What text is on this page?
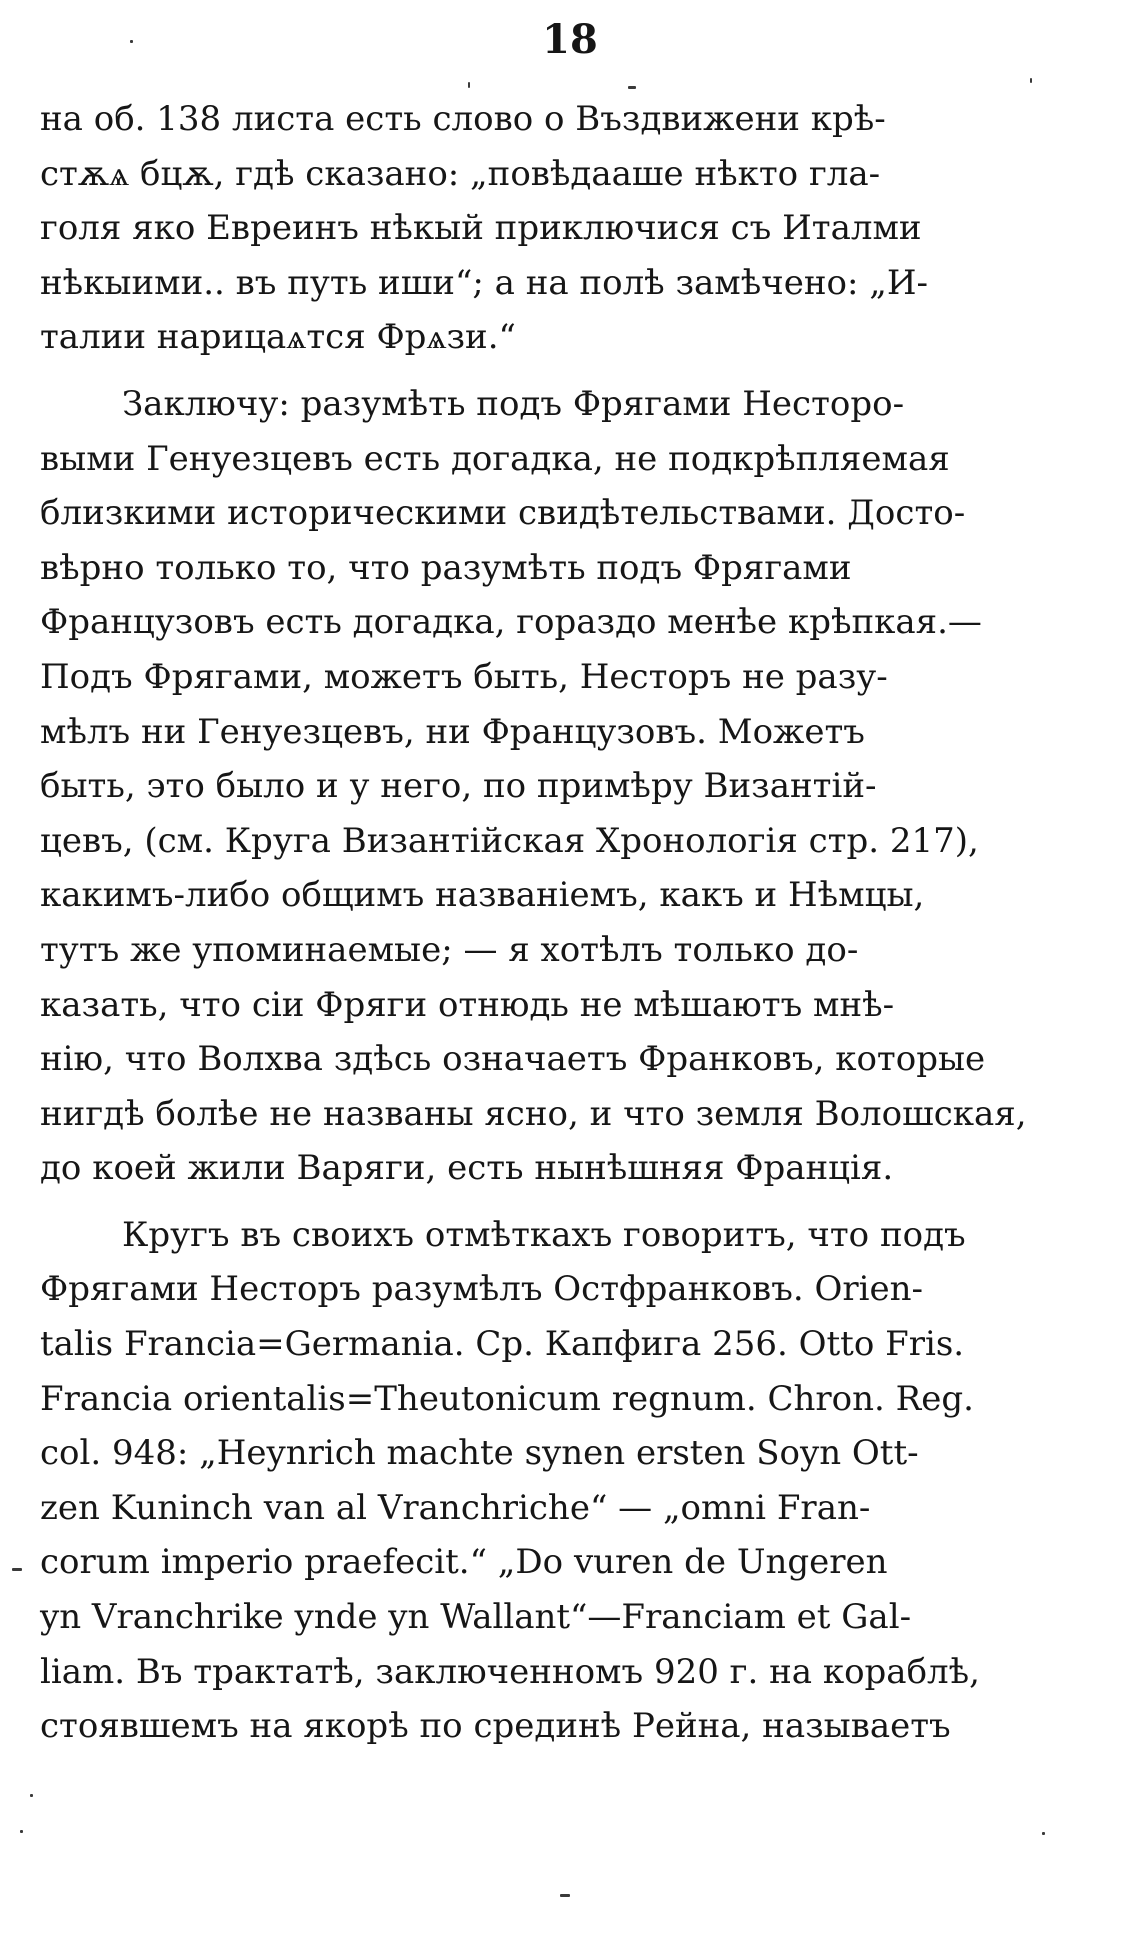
18
на об. 138 листа есть слово о Въздвижени крѣ-
стѫѧ бцѫ, гдѣ сказано: „повѣдааше нѣкто гла-
голя яко Евреинъ нѣкый приключися съ Италми
нѣкыими.. въ путь иши“; а на полѣ замѣчено: „И-
талии нарицаѧтся Фрѧзи.“
Заключу: разумѣть подъ Фрягами Несторо-
выми Генуезцевъ есть догадка, не подкрѣпляемая
близкими историческими свидѣтельствами. Достo-
вѣрно только то, что разумѣть подъ Фрягами
Французовъ есть догадка, гораздо менѣе крѣпкая.—
Подъ Фрягами, можетъ быть, Несторъ не разу-
мѣлъ ни Генуезцевъ, ни Французовъ. Можетъ
быть, это было и у него, по примѣру Византiй-
цевъ, (см. Круга Византiйская Хронологiя стр. 217),
какимъ-либо общимъ названiемъ, какъ и Нѣмцы,
тутъ же упоминаемые; — я хотѣлъ только до-
казать, что сiи Фряги отнюдь не мѣшаютъ мнѣ-
нiю, что Волхва здѣсь означаетъ Франковъ, которые
нигдѣ болѣе не названы ясно, и что земля Волошская,
до коей жили Варяги, есть нынѣшняя Францiя.
Кругъ въ своихъ отмѣткахъ говоритъ, что подъ
Фрягами Несторъ разумѣлъ Остфранковъ. Orien-
talis Francia=Germania. Ср. Капфига 256. Otto Fris.
Francia orientalis=Theutonicum regnum. Chron. Reg.
col. 948: „Heynrich machte synen ersten Soyn Ott-
zen Kuninch van al Vranchriche“ — „omni Fran-
corum imperio praefecit.“ „Do vuren de Ungeren
yn Vranchrike ynde yn Wallant“—Franciam et Gal-
liam. Въ трактатѣ, заключенномъ 920 г. на кораблѣ,
стоявшемъ на якорѣ по срединѣ Рейна, называетъ
